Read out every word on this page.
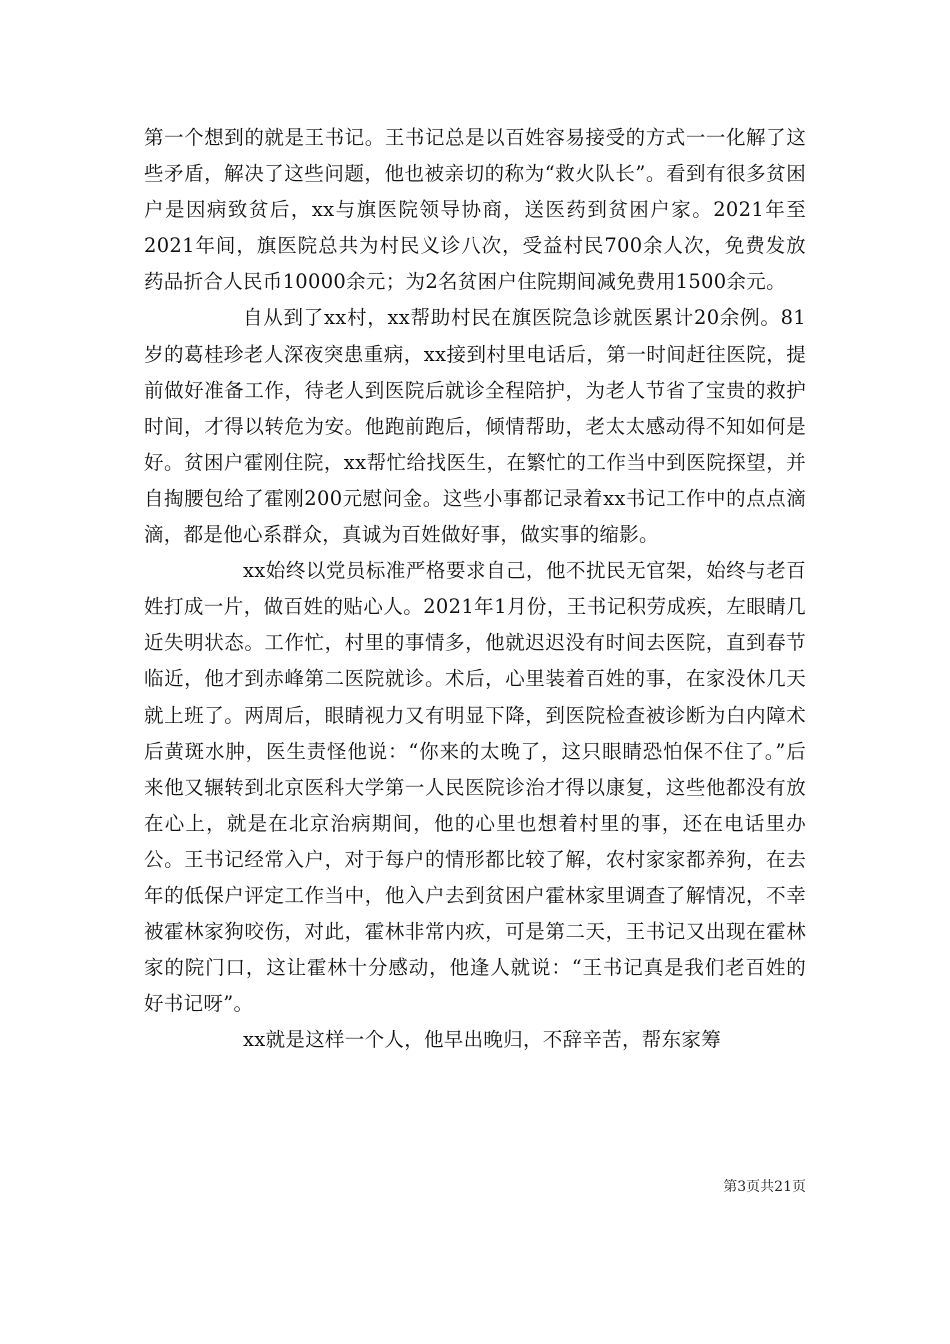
第一个想到的就是王书记。王书记总是以百姓容易接受的方式一一化解了这些矛盾，解决了这些问题，他也被亲切的称为“救火队长”。看到有很多贫困户是因病致贫后，xx与旗医院领导协商，送医药到贫困户家。2021年至2021年间，旗医院总共为村民义诊八次，受益村民700余人次，免费发放药品折合人民币10000余元；为2名贫困户住院期间减免费用1500余元。

自从到了xx村，xx帮助村民在旗医院急诊就医累计20余例。81岁的葛桂珍老人深夜突患重病，xx接到村里电话后，第一时间赶往医院，提前做好准备工作，待老人到医院后就诊全程陪护，为老人节省了宝贵的救护时间，才得以转危为安。他跑前跑后，倾情帮助，老太太感动得不知如何是好。贫困户霍刚住院，xx帮忙给找医生，在繁忙的工作当中到医院探望，并自掏腰包给了霍刚200元慰问金。这些小事都记录着xx书记工作中的点点滴滴，都是他心系群众，真诚为百姓做好事，做实事的缩影。

xx始终以党员标准严格要求自己，他不扰民无官架，始终与老百姓打成一片，做百姓的贴心人。2021年1月份，王书记积劳成疾，左眼睛几近失明状态。工作忙，村里的事情多，他就迟迟没有时间去医院，直到春节临近，他才到赤峰第二医院就诊。术后，心里装着百姓的事，在家没休几天就上班了。两周后，眼睛视力又有明显下降，到医院检查被诊断为白内障术后黄斑水肿，医生责怪他说：“你来的太晚了，这只眼睛恐怕保不住了。”后来他又辗转到北京医科大学第一人民医院诊治才得以康复，这些他都没有放在心上，就是在北京治病期间，他的心里也想着村里的事，还在电话里办公。王书记经常入户，对于每户的情形都比较了解，农村家家都养狗，在去年的低保户评定工作当中，他入户去到贫困户霍林家里调查了解情况，不幸被霍林家狗咬伤，对此，霍林非常内疚，可是第二天，王书记又出现在霍林家的院门口，这让霍林十分感动，他逢人就说：“王书记真是我们老百姓的好书记呀”。

xx就是这样一个人，他早出晚归，不辞辛苦，帮东家筹

第3页共21页
